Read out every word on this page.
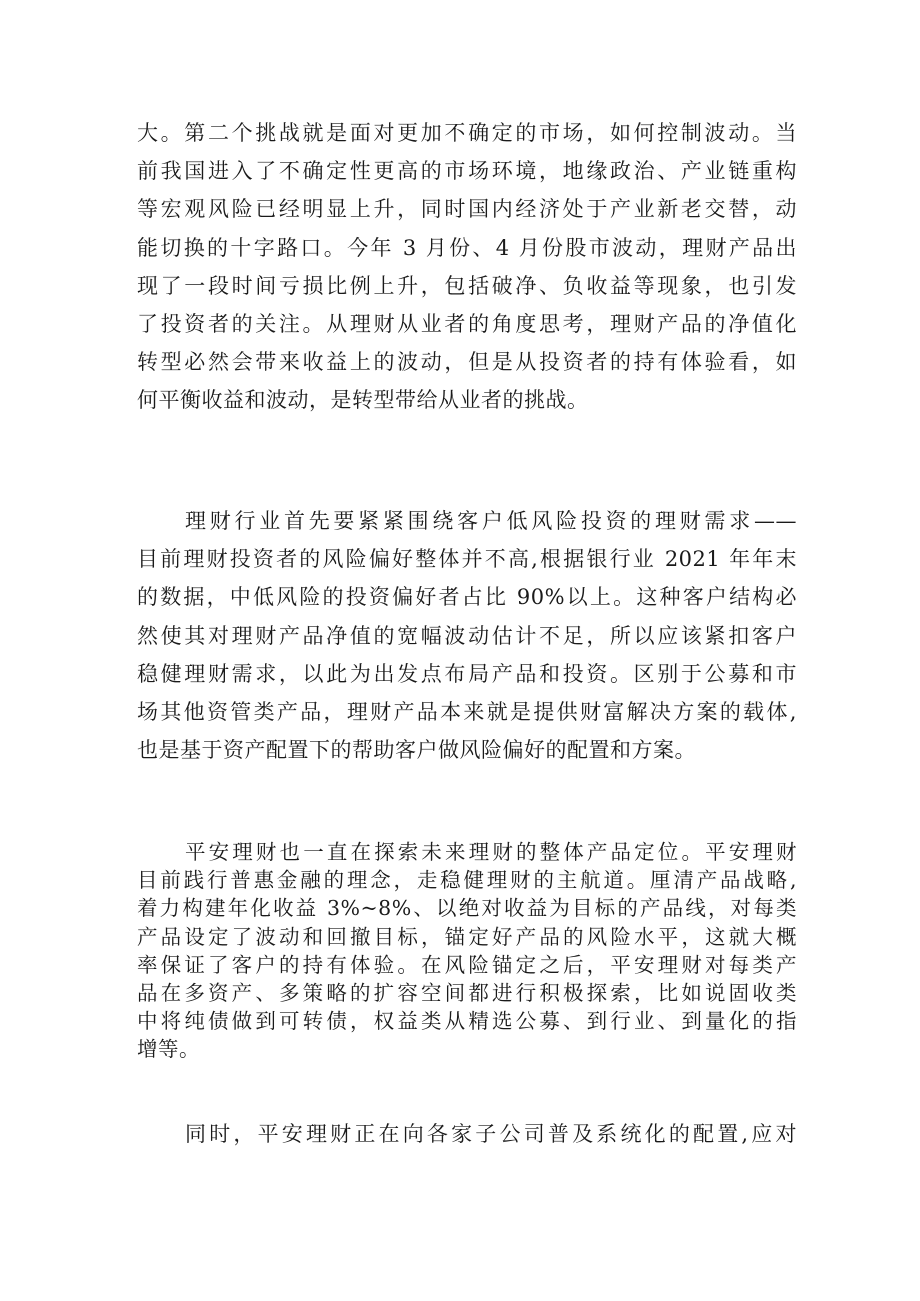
大。第二个挑战就是面对更加不确定的市场，如何控制波动。当
前我国进入了不确定性更高的市场环境，地缘政治、产业链重构
等宏观风险已经明显上升，同时国内经济处于产业新老交替，动
能切换的十字路口。今年 3 月份、4 月份股市波动，理财产品出
现了一段时间亏损比例上升，包括破净、负收益等现象，也引发
了投资者的关注。从理财从业者的角度思考，理财产品的净值化
转型必然会带来收益上的波动，但是从投资者的持有体验看，如
何平衡收益和波动，是转型带给从业者的挑战。
理财行业首先要紧紧围绕客户低风险投资的理财需求——
目前理财投资者的风险偏好整体并不高,根据银行业 2021 年年末
的数据，中低风险的投资偏好者占比 90%以上。这种客户结构必
然使其对理财产品净值的宽幅波动估计不足，所以应该紧扣客户
稳健理财需求，以此为出发点布局产品和投资。区别于公募和市
场其他资管类产品，理财产品本来就是提供财富解决方案的载体,
也是基于资产配置下的帮助客户做风险偏好的配置和方案。
平安理财也一直在探索未来理财的整体产品定位。平安理财
目前践行普惠金融的理念，走稳健理财的主航道。厘清产品战略,
着力构建年化收益 3%~8%、以绝对收益为目标的产品线，对每类
产品设定了波动和回撤目标，锚定好产品的风险水平，这就大概
率保证了客户的持有体验。在风险锚定之后，平安理财对每类产
品在多资产、多策略的扩容空间都进行积极探索，比如说固收类
中将纯债做到可转债，权益类从精选公募、到行业、到量化的指
增等。
同时，平安理财正在向各家子公司普及系统化的配置,应对
